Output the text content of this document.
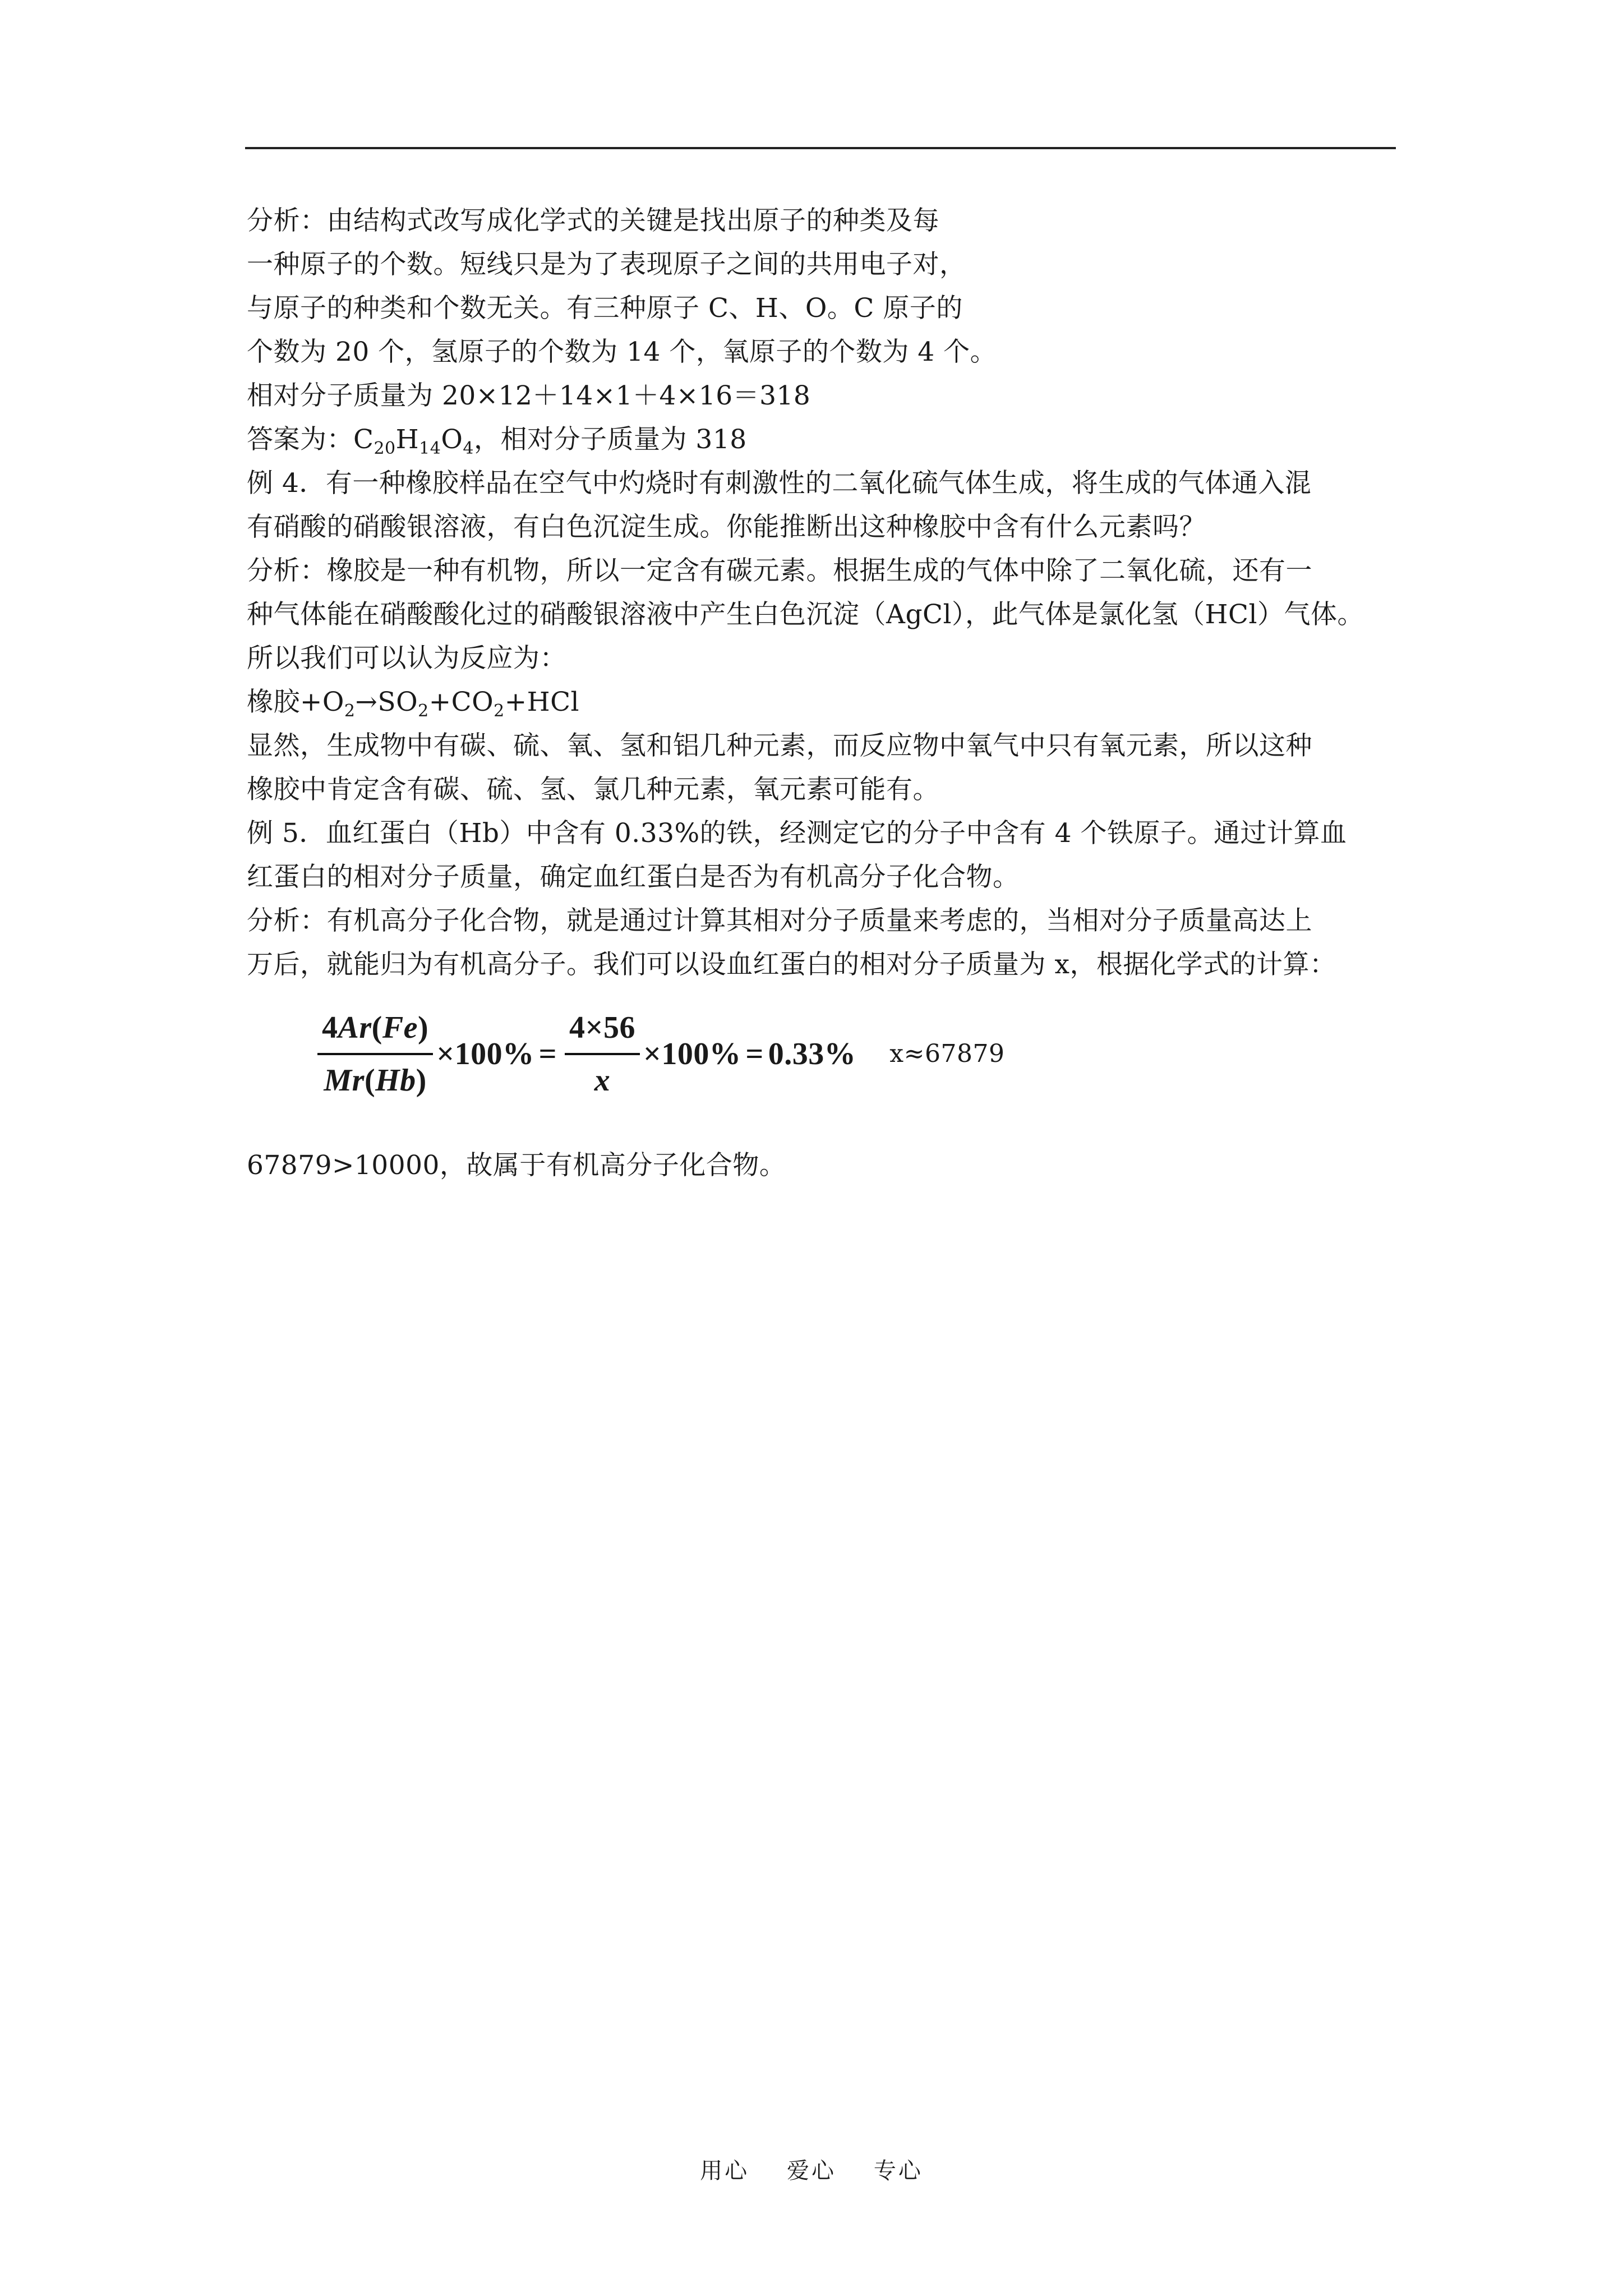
分析：由结构式改写成化学式的关键是找出原子的种类及每
一种原子的个数。短线只是为了表现原子之间的共用电子对，
与原子的种类和个数无关。有三种原子 C、H、O。C 原子的
个数为 20 个，氢原子的个数为 14 个，氧原子的个数为 4 个。
相对分子质量为 20×12＋14×1＋4×16＝318
答案为：$C_{20}H_{14}O_4$，相对分子质量为 318
例 4．有一种橡胶样品在空气中灼烧时有刺激性的二氧化硫气体生成，将生成的气体通入混
有硝酸的硝酸银溶液，有白色沉淀生成。你能推断出这种橡胶中含有什么元素吗？
分析：橡胶是一种有机物，所以一定含有碳元素。根据生成的气体中除了二氧化硫，还有一
种气体能在硝酸酸化过的硝酸银溶液中产生白色沉淀（AgCl），此气体是氯化氢（HCl）气体。
所以我们可以认为反应为：
橡胶$+O_2\to SO_2+CO_2+HCl$
显然，生成物中有碳、硫、氧、氢和铝几种元素，而反应物中氧气中只有氧元素，所以这种
橡胶中肯定含有碳、硫、氢、氯几种元素，氧元素可能有。
例 5．血红蛋白（Hb）中含有 0.33%的铁，经测定它的分子中含有 4 个铁原子。通过计算血
红蛋白的相对分子质量，确定血红蛋白是否为有机高分子化合物。
分析：有机高分子化合物，就是通过计算其相对分子质量来考虑的，当相对分子质量高达上
万后，就能归为有机高分子。我们可以设血红蛋白的相对分子质量为 x，根据化学式的计算：
$\frac{4Ar(Fe)}{Mr(Hb)} \times 100\% = \frac{4\times 56}{x} \times 100\% = 0.33\%$ x≈67879
67879>10000，故属于有机高分子化合物。
用心    爱心    专心
